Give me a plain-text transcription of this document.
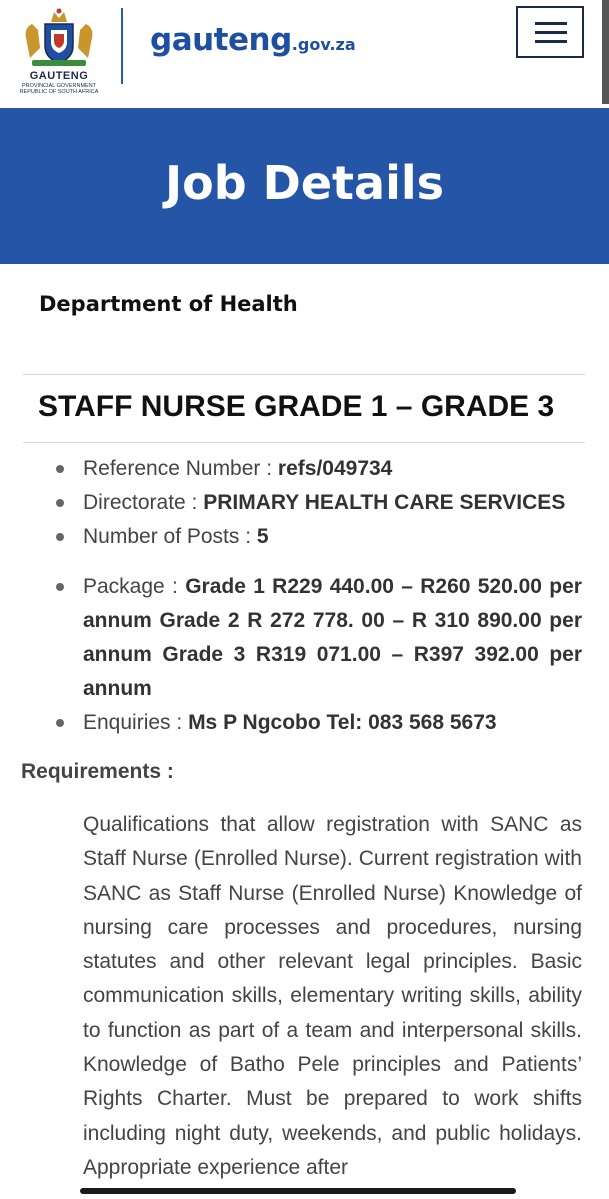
GAUTENG
PROVINCIAL GOVERNMENT
REPUBLIC OF SOUTH AFRICA
gauteng.gov.za
Job Details
Department of Health
STAFF NURSE GRADE 1 – GRADE 3
Reference Number : refs/049734
Directorate : PRIMARY HEALTH CARE SERVICES
Number of Posts : 5
Package : Grade 1 R229 440.00 – R260 520.00 per annum Grade 2 R 272 778. 00 – R 310 890.00 per annum Grade 3 R319 071.00 – R397 392.00 per annum
Enquiries : Ms P Ngcobo Tel: 083 568 5673
Requirements :
Qualifications that allow registration with SANC as Staff Nurse (Enrolled Nurse). Current registration with SANC as Staff Nurse (Enrolled Nurse) Knowledge of nursing care processes and procedures, nursing statutes and other relevant legal principles. Basic communication skills, elementary writing skills, ability to function as part of a team and interpersonal skills. Knowledge of Batho Pele principles and Patients’ Rights Charter. Must be prepared to work shifts including night duty, weekends, and public holidays. Appropriate experience after
